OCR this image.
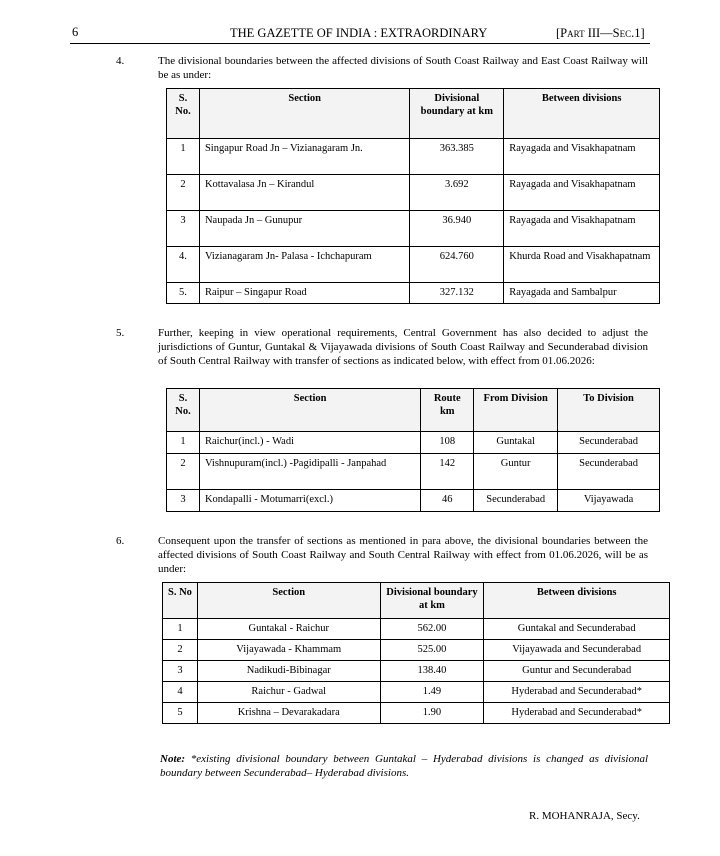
6	THE GAZETTE OF INDIA : EXTRAORDINARY	[Part III—Sec.1]
4.	The divisional boundaries between the affected divisions of South Coast Railway and East Coast Railway will be as under:
S. No.	Section	Divisional boundary at km	Between divisions
1	Singapur Road Jn – Vizianagaram Jn.	363.385	Rayagada and Visakhapatnam
2	Kottavalasa Jn – Kirandul	3.692	Rayagada and Visakhapatnam
3	Naupada Jn – Gunupur	36.940	Rayagada and Visakhapatnam
4.	Vizianagaram Jn- Palasa - Ichchapuram	624.760	Khurda Road and Visakhapatnam
5.	Raipur – Singapur Road	327.132	Rayagada and Sambalpur
5.	Further, keeping in view operational requirements, Central Government has also decided to adjust the jurisdictions of Guntur, Guntakal & Vijayawada divisions of South Coast Railway and Secunderabad division of South Central Railway with transfer of sections as indicated below, with effect from 01.06.2026:
S. No.	Section	Route km	From Division	To Division
1	Raichur(incl.) - Wadi	108	Guntakal	Secunderabad
2	Vishnupuram(incl.) -Pagidipalli - Janpahad	142	Guntur	Secunderabad
3	Kondapalli - Motumarri(excl.)	46	Secunderabad	Vijayawada
6.	Consequent upon the transfer of sections as mentioned in para above, the divisional boundaries between the affected divisions of South Coast Railway and South Central Railway with effect from 01.06.2026, will be as under:
S. No	Section	Divisional boundary at km	Between divisions
1	Guntakal - Raichur	562.00	Guntakal and Secunderabad
2	Vijayawada - Khammam	525.00	Vijayawada and Secunderabad
3	Nadikudi-Bibinagar	138.40	Guntur and Secunderabad
4	Raichur - Gadwal	1.49	Hyderabad and Secunderabad*
5	Krishna – Devarakadara	1.90	Hyderabad and Secunderabad*
Note: *existing divisional boundary between Guntakal – Hyderabad divisions is changed as divisional boundary between Secunderabad– Hyderabad divisions.
R. MOHANRAJA, Secy.
